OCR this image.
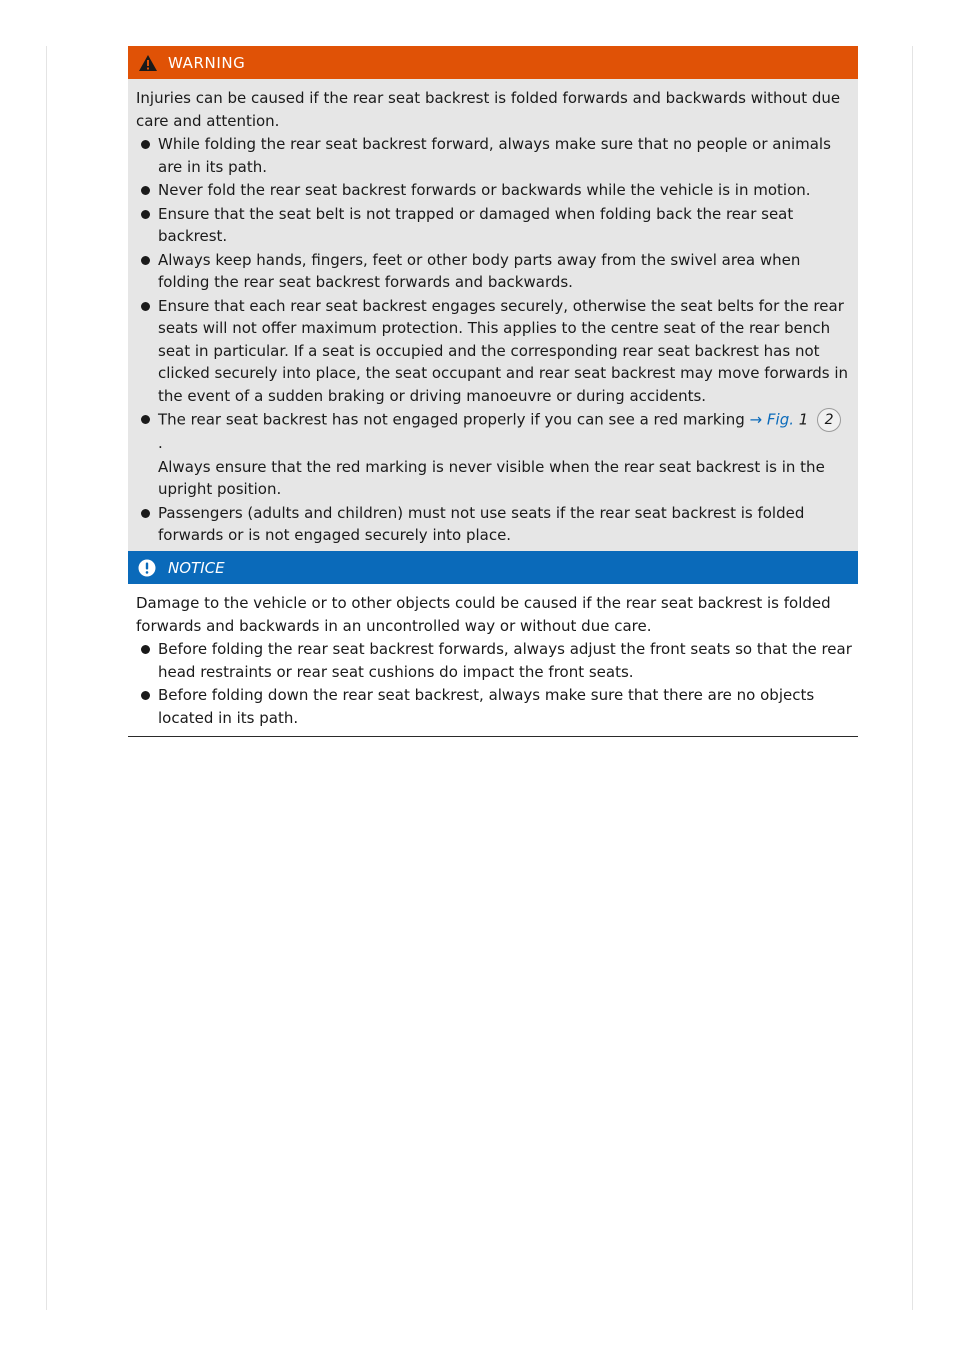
WARNING

Injuries can be caused if the rear seat backrest is folded forwards and backwards without due care and attention.

While folding the rear seat backrest forward, always make sure that no people or animals are in its path.
Never fold the rear seat backrest forwards or backwards while the vehicle is in motion.
Ensure that the seat belt is not trapped or damaged when folding back the rear seat backrest.
Always keep hands, fingers, feet or other body parts away from the swivel area when folding the rear seat backrest forwards and backwards.
Ensure that each rear seat backrest engages securely, otherwise the seat belts for the rear seats will not offer maximum protection. This applies to the centre seat of the rear bench seat in particular. If a seat is occupied and the corresponding rear seat backrest has not clicked securely into place, the seat occupant and rear seat backrest may move forwards in the event of a sudden braking or driving manoeuvre or during accidents.

The rear seat backrest has not engaged properly if you can see a red marking → Fig. 1 2 .

Always ensure that the red marking is never visible when the rear seat backrest is in the upright position.

Passengers (adults and children) must not use seats if the rear seat backrest is folded forwards or is not engaged securely into place.
NOTICE

Damage to the vehicle or to other objects could be caused if the rear seat backrest is folded forwards and backwards in an uncontrolled way or without due care.

Before folding the rear seat backrest forwards, always adjust the front seats so that the rear head restraints or rear seat cushions do impact the front seats.
Before folding down the rear seat backrest, always make sure that there are no objects located in its path.
